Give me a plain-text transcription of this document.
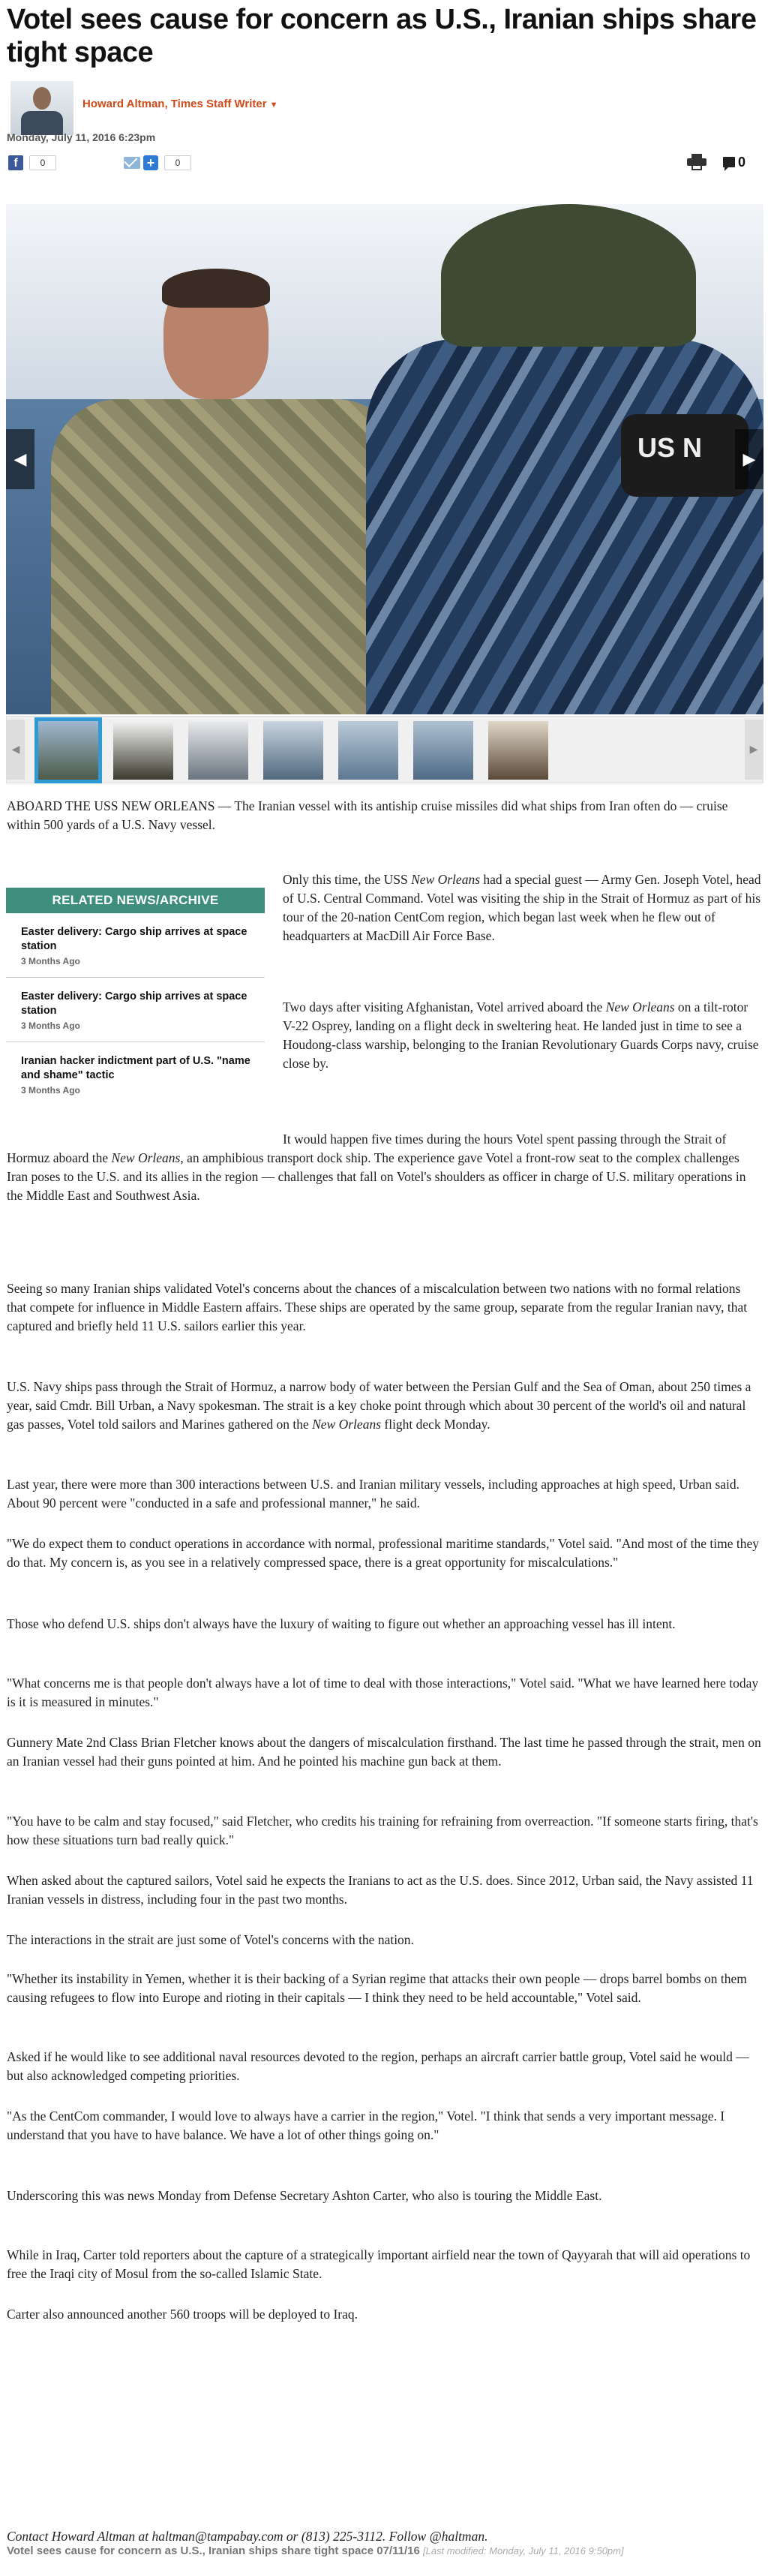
Votel sees cause for concern as U.S., Iranian ships share tight space
Howard Altman, Times Staff Writer ▼
Monday, July 11, 2016 6:23pm
f	0	+	0	0
US N
◀	▶
◀	▶

ABOARD THE USS NEW ORLEANS — The Iranian vessel with its antiship cruise missiles did what ships from Iran often do — cruise within 500 yards of a U.S. Navy vessel.

RELATED NEWS/ARCHIVE
Easter delivery: Cargo ship arrives at space station
3 Months Ago
Easter delivery: Cargo ship arrives at space station
3 Months Ago
Iranian hacker indictment part of U.S. "name and shame" tactic
3 Months Ago

Only this time, the USS New Orleans had a special guest — Army Gen. Joseph Votel, head of U.S. Central Command. Votel was visiting the ship in the Strait of Hormuz as part of his tour of the 20-nation CentCom region, which began last week when he flew out of headquarters at MacDill Air Force Base.

Two days after visiting Afghanistan, Votel arrived aboard the New Orleans on a tilt-rotor V-22 Osprey, landing on a flight deck in sweltering heat. He landed just in time to see a Houdong-class warship, belonging to the Iranian Revolutionary Guards Corps navy, cruise close by.

It would happen five times during the hours Votel spent passing through the Strait of Hormuz aboard the New Orleans, an amphibious transport dock ship. The experience gave Votel a front-row seat to the complex challenges Iran poses to the U.S. and its allies in the region — challenges that fall on Votel's shoulders as officer in charge of U.S. military operations in the Middle East and Southwest Asia.

Seeing so many Iranian ships validated Votel's concerns about the chances of a miscalculation between two nations with no formal relations that compete for influence in Middle Eastern affairs. These ships are operated by the same group, separate from the regular Iranian navy, that captured and briefly held 11 U.S. sailors earlier this year.

U.S. Navy ships pass through the Strait of Hormuz, a narrow body of water between the Persian Gulf and the Sea of Oman, about 250 times a year, said Cmdr. Bill Urban, a Navy spokesman. The strait is a key choke point through which about 30 percent of the world's oil and natural gas passes, Votel told sailors and Marines gathered on the New Orleans flight deck Monday.

Last year, there were more than 300 interactions between U.S. and Iranian military vessels, including approaches at high speed, Urban said. About 90 percent were "conducted in a safe and professional manner," he said.

"We do expect them to conduct operations in accordance with normal, professional maritime standards," Votel said. "And most of the time they do that. My concern is, as you see in a relatively compressed space, there is a great opportunity for miscalculations."

Those who defend U.S. ships don't always have the luxury of waiting to figure out whether an approaching vessel has ill intent.

"What concerns me is that people don't always have a lot of time to deal with those interactions," Votel said. "What we have learned here today is it is measured in minutes."

Gunnery Mate 2nd Class Brian Fletcher knows about the dangers of miscalculation firsthand. The last time he passed through the strait, men on an Iranian vessel had their guns pointed at him. And he pointed his machine gun back at them.

"You have to be calm and stay focused," said Fletcher, who credits his training for refraining from overreaction. "If someone starts firing, that's how these situations turn bad really quick."

When asked about the captured sailors, Votel said he expects the Iranians to act as the U.S. does. Since 2012, Urban said, the Navy assisted 11 Iranian vessels in distress, including four in the past two months.

The interactions in the strait are just some of Votel's concerns with the nation.

"Whether its instability in Yemen, whether it is their backing of a Syrian regime that attacks their own people — drops barrel bombs on them causing refugees to flow into Europe and rioting in their capitals — I think they need to be held accountable," Votel said.

Asked if he would like to see additional naval resources devoted to the region, perhaps an aircraft carrier battle group, Votel said he would — but also acknowledged competing priorities.

"As the CentCom commander, I would love to always have a carrier in the region," Votel. "I think that sends a very important message. I understand that you have to have balance. We have a lot of other things going on."

Underscoring this was news Monday from Defense Secretary Ashton Carter, who also is touring the Middle East.

While in Iraq, Carter told reporters about the capture of a strategically important airfield near the town of Qayyarah that will aid operations to free the Iraqi city of Mosul from the so-called Islamic State.

Carter also announced another 560 troops will be deployed to Iraq.

Contact Howard Altman at haltman@tampabay.com or (813) 225-3112. Follow @haltman.

Votel sees cause for concern as U.S., Iranian ships share tight space 07/11/16 [Last modified: Monday, July 11, 2016 9:50pm]
